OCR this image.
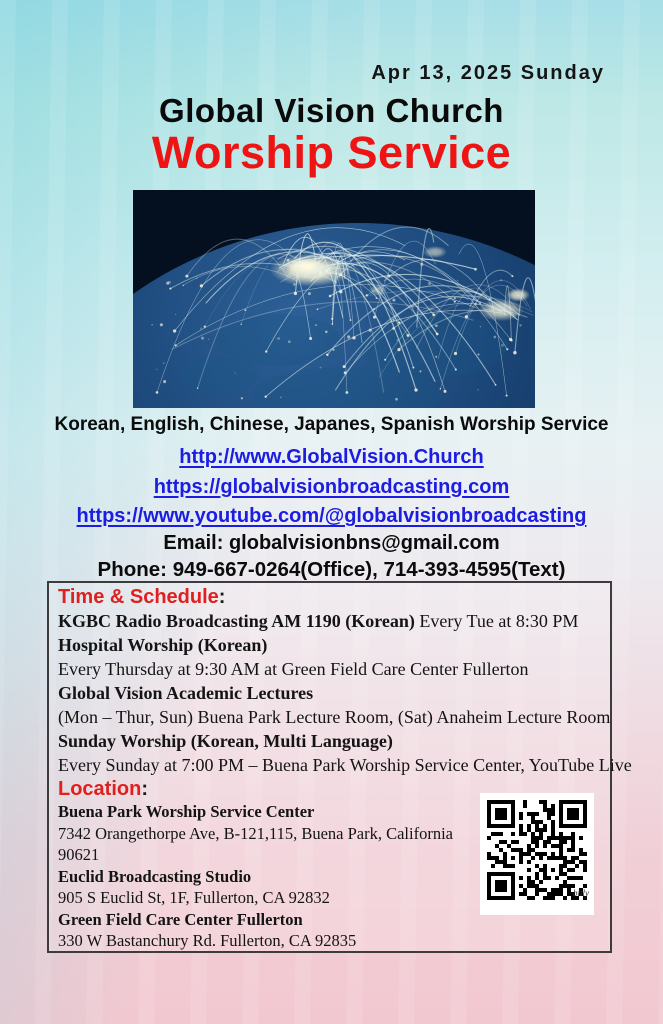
Apr 13, 2025 Sunday
Global Vision Church
Worship Service
Korean, English, Chinese, Japanes, Spanish Worship Service
http://www.GlobalVision.Church
https://globalvisionbroadcasting.com
https://www.youtube.com/@globalvisionbroadcasting
Email: globalvisionbns@gmail.com
Phone: 949-667-0264(Office), 714-393-4595(Text)
Time & Schedule:
KGBC Radio Broadcasting AM 1190 (Korean) Every Tue at 8:30 PM
Hospital Worship (Korean)
Every Thursday at 9:30 AM at Green Field Care Center Fullerton
Global Vision Academic Lectures
(Mon – Thur, Sun) Buena Park Lecture Room, (Sat) Anaheim Lecture Room
Sunday Worship (Korean, Multi Language)
Every Sunday at 7:00 PM – Buena Park Worship Service Center, YouTube Live
Location:
Buena Park Worship Service Center
7342 Orangethorpe Ave, B-121,115, Buena Park, California
90621
Euclid Broadcasting Studio
905 S Euclid St, 1F, Fullerton, CA 92832
Green Field Care Center Fullerton
330 W Bastanchury Rd. Fullerton, CA 92835
bitly
